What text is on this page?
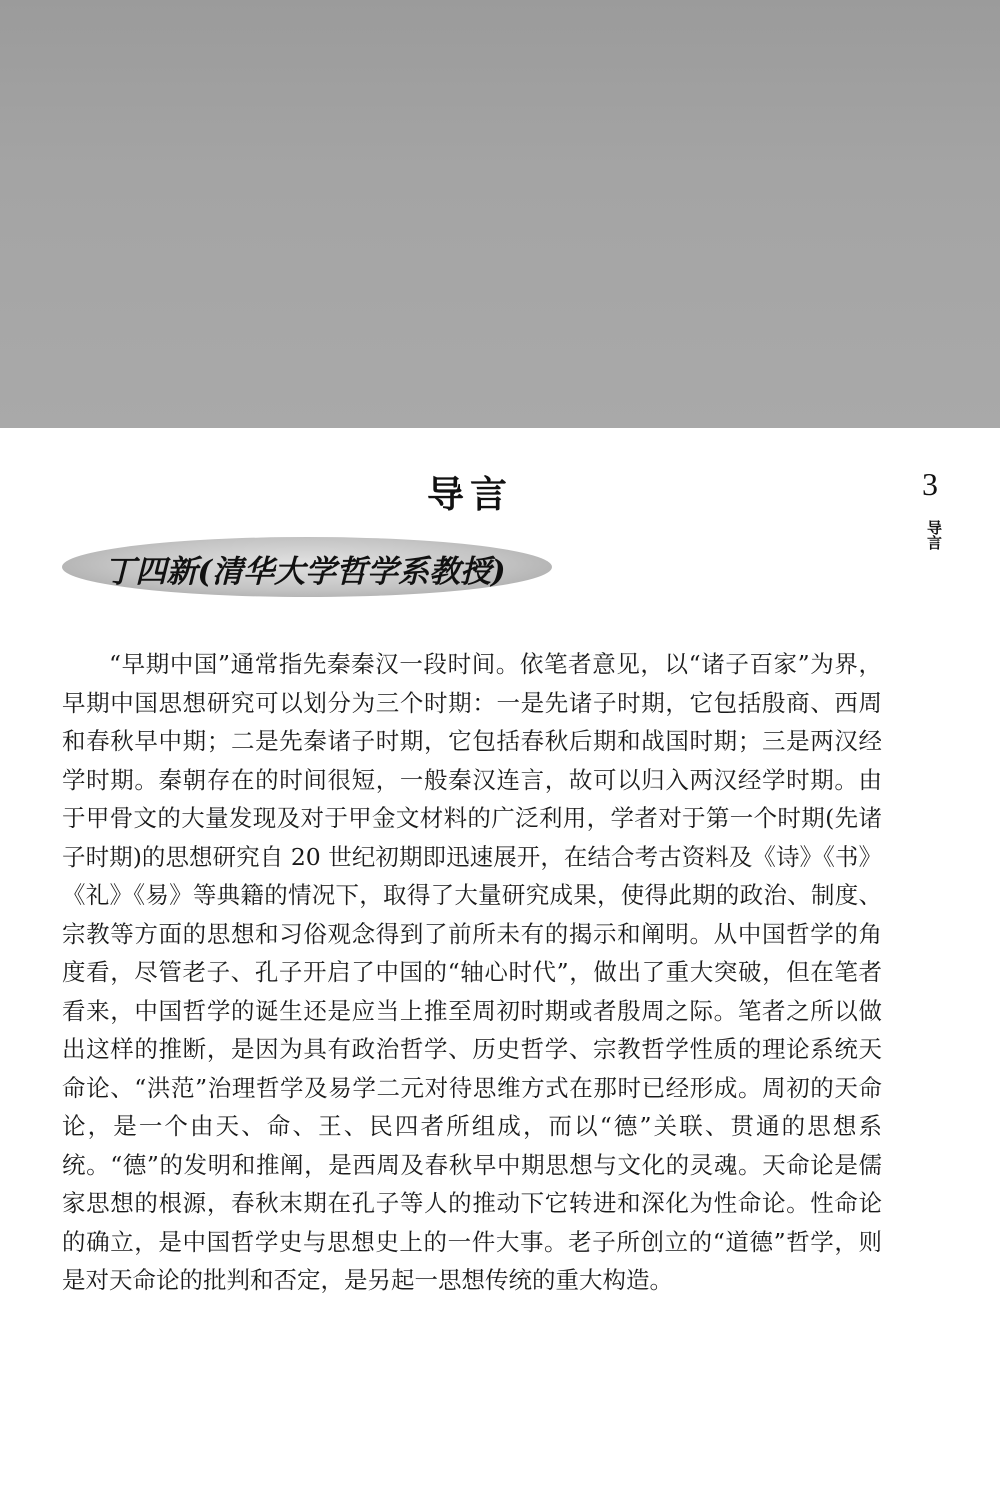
导言	3
导言
丁四新(清华大学哲学系教授)

“早期中国”通常指先秦秦汉一段时间。依笔者意见，以“诸子百家”为界，早期中国思想研究可以划分为三个时期：一是先诸子时期，它包括殷商、西周和春秋早中期；二是先秦诸子时期，它包括春秋后期和战国时期；三是两汉经学时期。秦朝存在的时间很短，一般秦汉连言，故可以归入两汉经学时期。由于甲骨文的大量发现及对于甲金文材料的广泛利用，学者对于第一个时期(先诸子时期)的思想研究自 20 世纪初期即迅速展开，在结合考古资料及《诗》《书》《礼》《易》等典籍的情况下，取得了大量研究成果，使得此期的政治、制度、宗教等方面的思想和习俗观念得到了前所未有的揭示和阐明。从中国哲学的角度看，尽管老子、孔子开启了中国的“轴心时代”，做出了重大突破，但在笔者看来，中国哲学的诞生还是应当上推至周初时期或者殷周之际。笔者之所以做出这样的推断，是因为具有政治哲学、历史哲学、宗教哲学性质的理论系统天命论、“洪范”治理哲学及易学二元对待思维方式在那时已经形成。周初的天命论，是一个由天、命、王、民四者所组成，而以“德”关联、贯通的思想系统。“德”的发明和推阐，是西周及春秋早中期思想与文化的灵魂。天命论是儒家思想的根源，春秋末期在孔子等人的推动下它转进和深化为性命论。性命论的确立，是中国哲学史与思想史上的一件大事。老子所创立的“道德”哲学，则是对天命论的批判和否定，是另起一思想传统的重大构造。
